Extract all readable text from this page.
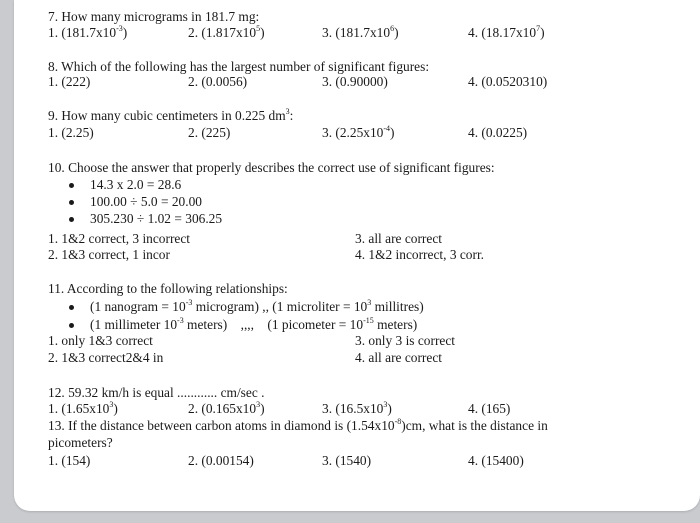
7. How many micrograms in 181.7 mg:
1. $(181.7x10^{-3})$	2. $(1.817x10^5)$	3. $(181.7x10^6)$	4. $(18.17x10^7)$
8. Which of the following has the largest number of significant figures:
1. (222)	2. (0.0056)	3. (0.90000)	4. (0.0520310)
9. How many cubic centimeters in 0.225 $dm^3$:
1. (2.25)	2. (225)	3. $(2.25x10^{-4})$	4. (0.0225)
10. Choose the answer that properly describes the correct use of significant figures:
14.3 x 2.0 = 28.6
100.00 ÷ 5.0 = 20.00
305.230 ÷ 1.02 = 306.25
1. 1&2 correct, 3 incorrect	3. all are correct
2. 1&3 correct, 1 incor	4. 1&2 incorrect, 3 corr.
11. According to the following relationships:
(1 nanogram = $10^{-3}$ microgram) ,, (1 microliter = $10^3$ millitres)
(1 millimeter $10^{-3}$ meters)    ,,,,    (1 picometer = $10^{-15}$ meters)
1. only 1&3 correct	3. only 3 is correct
2. 1&3 correct2&4 in	4. all are correct
12. 59.32 km/h is equal ............ cm/sec .
1. $(1.65x10^3)$	2. $(0.165x10^3)$	3. $(16.5x10^3)$	4. (165)
13. If the distance between carbon atoms in diamond is $(1.54x10^{-8})cm$, what is the distance in
picometers?
1. (154)	2. (0.00154)	3. (1540)	4. (15400)
